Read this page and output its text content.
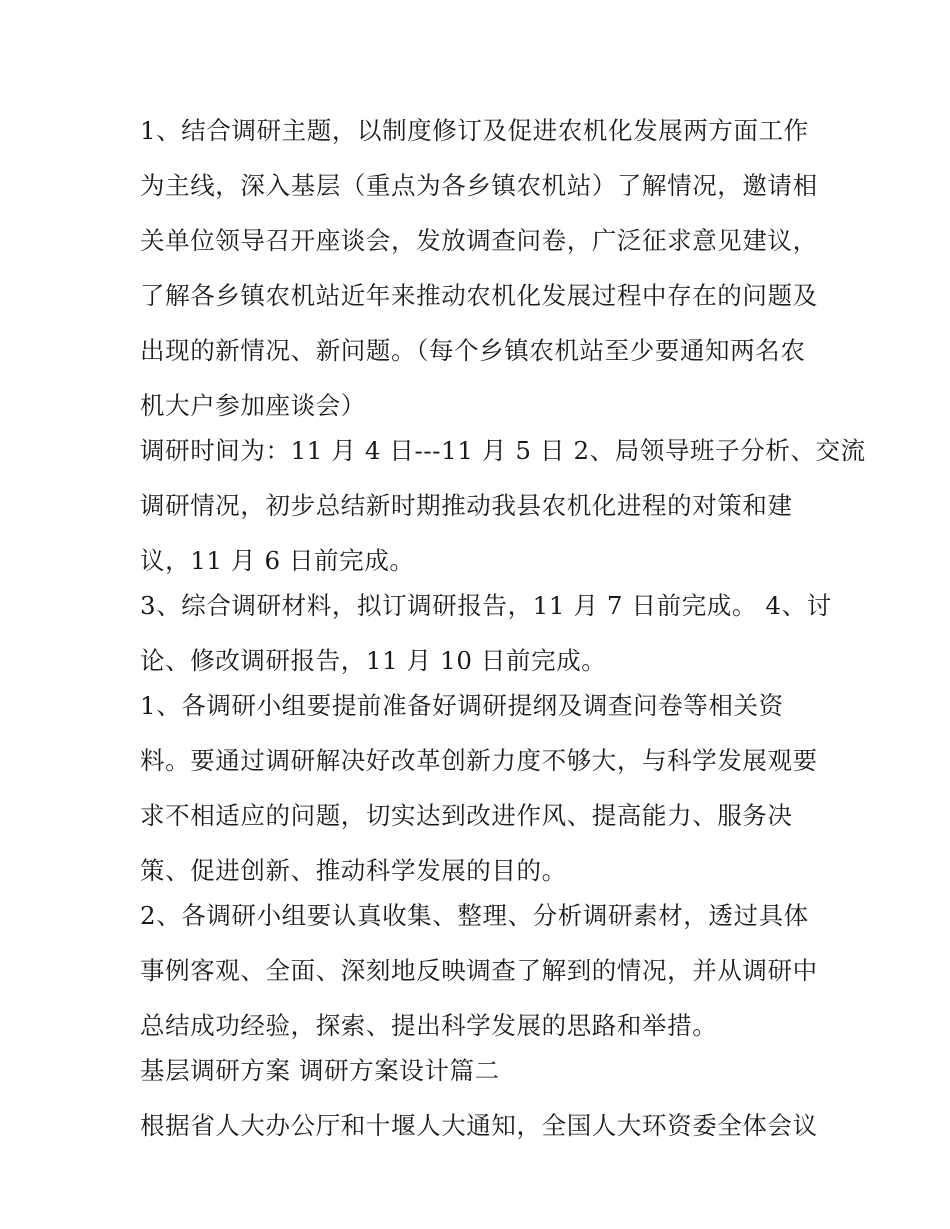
1、结合调研主题，以制度修订及促进农机化发展两方面工作
为主线，深入基层（重点为各乡镇农机站）了解情况，邀请相
关单位领导召开座谈会，发放调查问卷，广泛征求意见建议，
了解各乡镇农机站近年来推动农机化发展过程中存在的问题及
出现的新情况、新问题。（每个乡镇农机站至少要通知两名农
机大户参加座谈会）
调研时间为：11 月 4 日---11 月 5 日 2、局领导班子分析、交流
调研情况，初步总结新时期推动我县农机化进程的对策和建
议，11 月 6 日前完成。
3、综合调研材料，拟订调研报告，11 月 7 日前完成。 4、讨
论、修改调研报告，11 月 10 日前完成。
1、各调研小组要提前准备好调研提纲及调查问卷等相关资
料。要通过调研解决好改革创新力度不够大，与科学发展观要
求不相适应的问题，切实达到改进作风、提高能力、服务决
策、促进创新、推动科学发展的目的。
2、各调研小组要认真收集、整理、分析调研素材，透过具体
事例客观、全面、深刻地反映调查了解到的情况，并从调研中
总结成功经验，探索、提出科学发展的思路和举措。
基层调研方案 调研方案设计篇二
根据省人大办公厅和十堰人大通知，全国人大环资委全体会议
